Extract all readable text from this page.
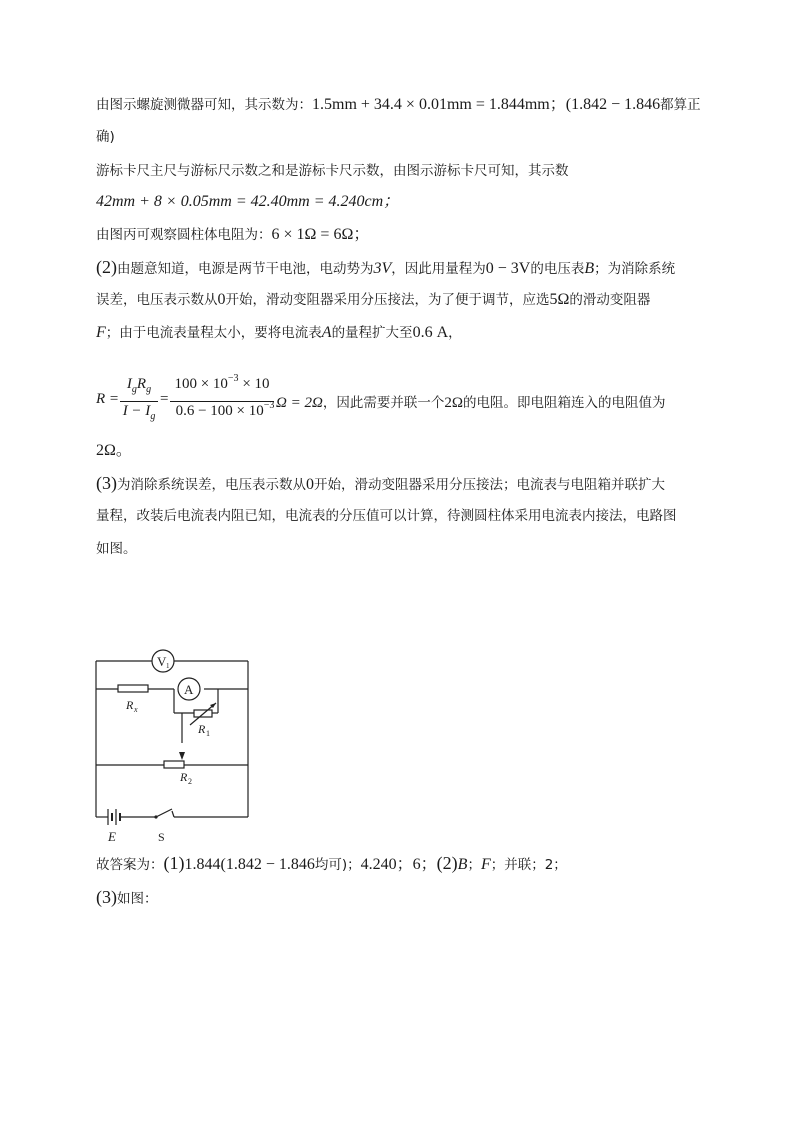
由图示螺旋测微器可知，其示数为：1.5mm + 34.4 × 0.01mm = 1.844mm；(1.842 − 1.846都算正
确)
游标卡尺主尺与游标尺示数之和是游标卡尺示数，由图示游标卡尺可知，其示数
42mm + 8 × 0.05mm = 42.40mm = 4.240cm；
由图丙可观察圆柱体电阻为：6 × 1Ω = 6Ω；
(2)由题意知道，电源是两节干电池，电动势为3V，因此用量程为0 − 3V的电压表B；为消除系统
误差，电压表示数从0开始，滑动变阻器采用分压接法，为了便于调节，应选5Ω的滑动变阻器
F；由于电流表量程太小，要将电流表A的量程扩大至0.6 A，
R =
$I_gR_g$
$I - I_g$
=
$100 \times 10^{-3} \times 10$
$0.6 - 100 \times 10^{-3}$ Ω = 2Ω，因此需要并联一个2Ω的电阻。即电阻箱连入的电阻值为
2Ω。
(3)为消除系统误差，电压表示数从0开始，滑动变阻器采用分压接法；电流表与电阻箱并联扩大
量程，改装后电流表内阻已知，电流表的分压值可以计算，待测圆柱体采用电流表内接法，电路图
如图。
V 1
A
R x
R 1
R 2
E	S
故答案为：(1)1.844(1.842 − 1.846均可)；4.240；6；(2)B；F；并联；2；
(3)如图：
